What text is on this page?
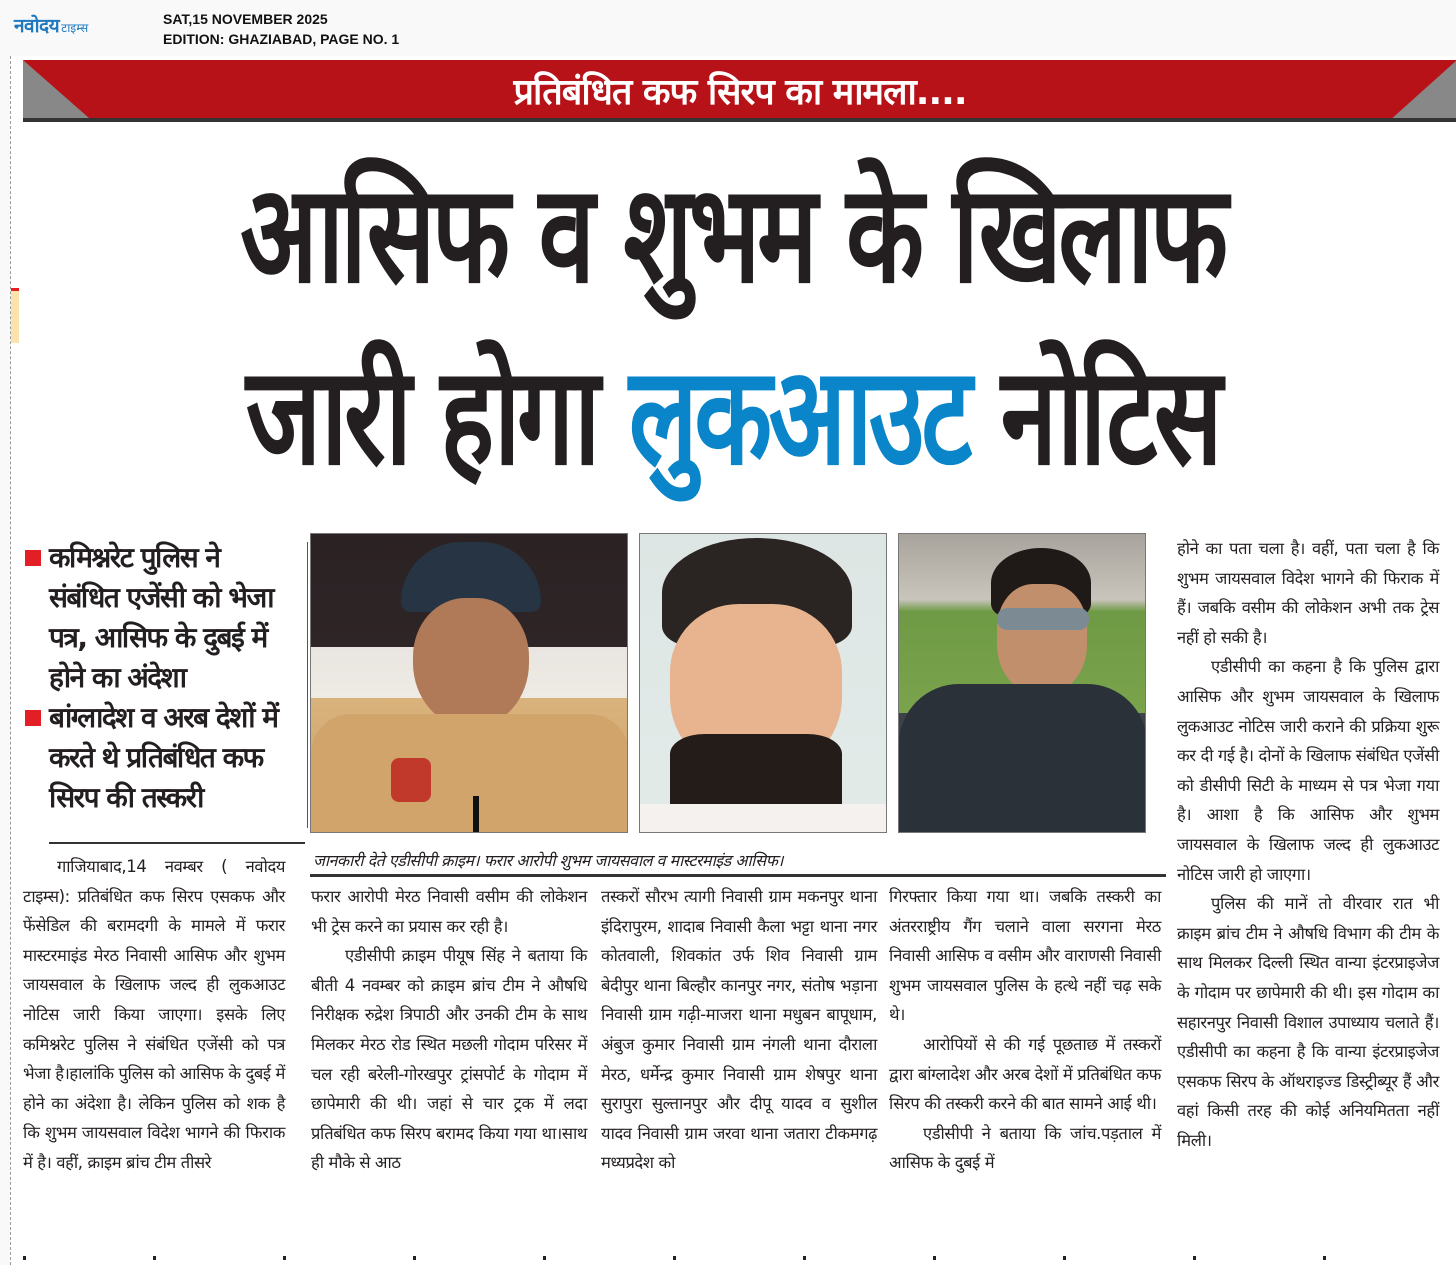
नवोदय टाइम्स
SAT,15 NOVEMBER 2025
EDITION: GHAZIABAD, PAGE NO. 1
प्रतिबंधित कफ सिरप का मामला....
आसिफ व शुभम के खिलाफ
जारी होगा लुकआउट नोटिस
कमिश्नरेट पुलिस ने संबंधित एजेंसी को भेजा पत्र, आसिफ के दुबई में होने का अंदेशा
बांग्लादेश व अरब देशों में करते थे प्रतिबंधित कफ सिरप की तस्करी
जानकारी देते एडीसीपी क्राइम। फरार आरोपी शुभम जायसवाल व मास्टरमाइंड आसिफ।

गाजियाबाद,14 नवम्बर ( नवोदय टाइम्स): प्रतिबंधित कफ सिरप एसकफ और फेंसेडिल की बरामदगी के मामले में फरार मास्टरमाइंड मेरठ निवासी आसिफ और शुभम जायसवाल के खिलाफ जल्द ही लुकआउट नोटिस जारी किया जाएगा। इसके लिए कमिश्नरेट पुलिस ने संबंधित एजेंसी को पत्र भेजा है।हालांकि पुलिस को आसिफ के दुबई में होने का अंदेशा है। लेकिन पुलिस को शक है कि शुभम जायसवाल विदेश भागने की फिराक में है। वहीं, क्राइम ब्रांच टीम तीसरे

फरार आरोपी मेरठ निवासी वसीम की लोकेशन भी ट्रेस करने का प्रयास कर रही है।

एडीसीपी क्राइम पीयूष सिंह ने बताया कि बीती 4 नवम्बर को क्राइम ब्रांच टीम ने औषधि निरीक्षक रुद्रेश त्रिपाठी और उनकी टीम के साथ मिलकर मेरठ रोड स्थित मछली गोदाम परिसर में चल रही बरेली-गोरखपुर ट्रांसपोर्ट के गोदाम में छापेमारी की थी। जहां से चार ट्रक में लदा प्रतिबंधित कफ सिरप बरामद किया गया था।साथ ही मौके से आठ

तस्करों सौरभ त्यागी निवासी ग्राम मकनपुर थाना इंदिरापुरम, शादाब निवासी कैला भट्टा थाना नगर कोतवाली, शिवकांत उर्फ शिव निवासी ग्राम बेदीपुर थाना बिल्हौर कानपुर नगर, संतोष भड़ाना निवासी ग्राम गढ़ी-माजरा थाना मधुबन बापूधाम, अंबुज कुमार निवासी ग्राम नंगली थाना दौराला मेरठ, धर्मेन्द्र कुमार निवासी ग्राम शेषपुर थाना सुरापुरा सुल्तानपुर और दीपू यादव व सुशील यादव निवासी ग्राम जरवा थाना जतारा टीकमगढ़ मध्यप्रदेश को

गिरफ्तार किया गया था। जबकि तस्करी का अंतरराष्ट्रीय गैंग चलाने वाला सरगना मेरठ निवासी आसिफ व वसीम और वाराणसी निवासी शुभम जायसवाल पुलिस के हत्थे नहीं चढ़ सके थे।

आरोपियों से की गई पूछताछ में तस्करों द्वारा बांग्लादेश और अरब देशों में प्रतिबंधित कफ सिरप की तस्करी करने की बात सामने आई थी।

एडीसीपी ने बताया कि जांच.पड़ताल में आसिफ के दुबई में

होने का पता चला है। वहीं, पता चला है कि शुभम जायसवाल विदेश भागने की फिराक में हैं। जबकि वसीम की लोकेशन अभी तक ट्रेस नहीं हो सकी है।

एडीसीपी का कहना है कि पुलिस द्वारा आसिफ और शुभम जायसवाल के खिलाफ लुकआउट नोटिस जारी कराने की प्रक्रिया शुरू कर दी गई है। दोनों के खिलाफ संबंधित एजेंसी को डीसीपी सिटी के माध्यम से पत्र भेजा गया है। आशा है कि आसिफ और शुभम जायसवाल के खिलाफ जल्द ही लुकआउट नोटिस जारी हो जाएगा।

पुलिस की मानें तो वीरवार रात भी क्राइम ब्रांच टीम ने औषधि विभाग की टीम के साथ मिलकर दिल्ली स्थित वान्या इंटरप्राइजेज के गोदाम पर छापेमारी की थी। इस गोदाम का सहारनपुर निवासी विशाल उपाध्याय चलाते हैं। एडीसीपी का कहना है कि वान्या इंटरप्राइजेज एसकफ सिरप के ऑथराइज्ड डिस्ट्रीब्यूर हैं और वहां किसी तरह की कोई अनियमितता नहीं मिली।
